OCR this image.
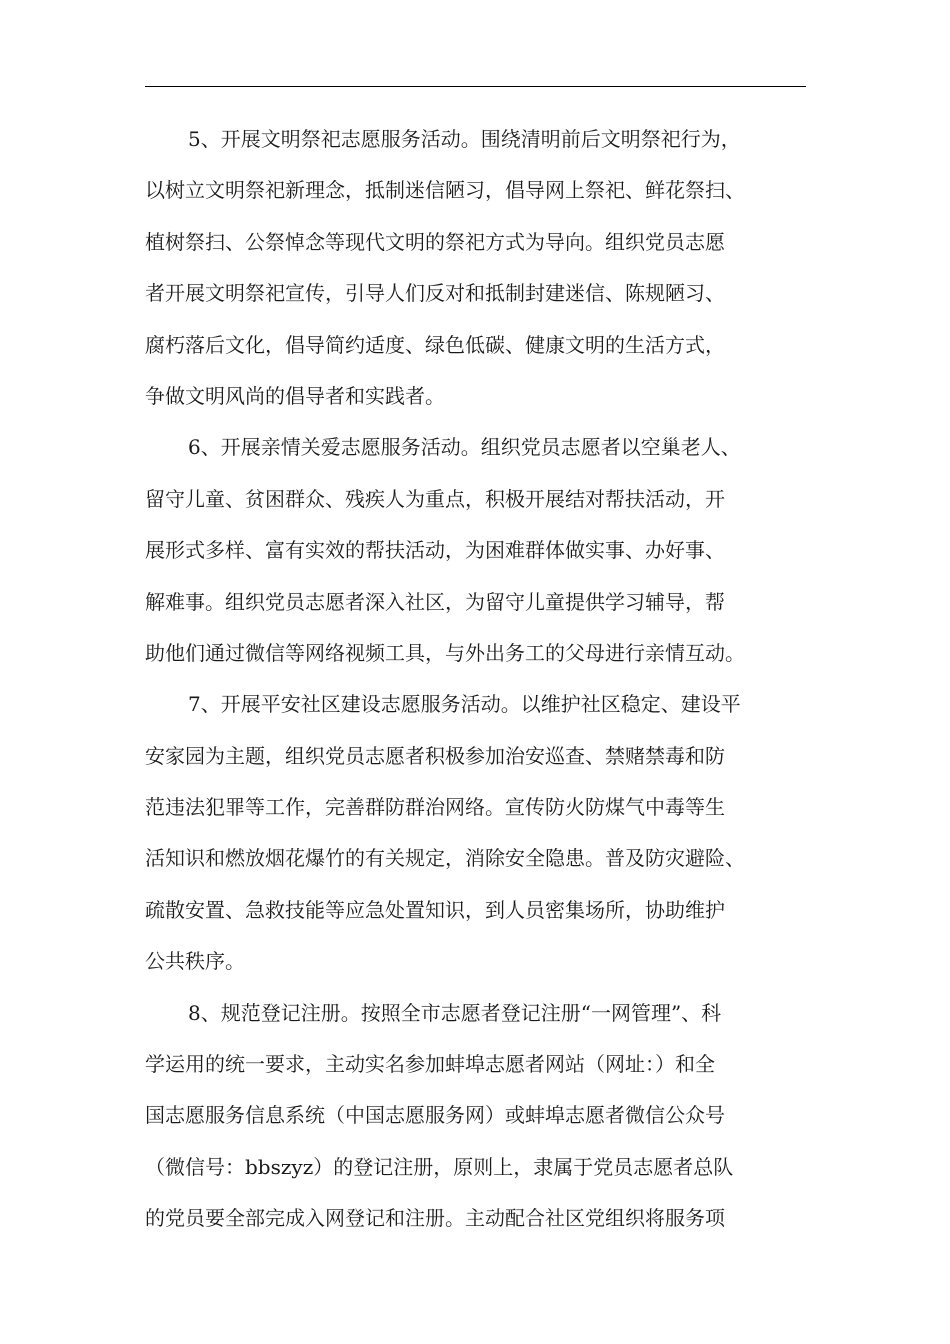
5、开展文明祭祀志愿服务活动。围绕清明前后文明祭祀行为，
以树立文明祭祀新理念，抵制迷信陋习，倡导网上祭祀、鲜花祭扫、
植树祭扫、公祭悼念等现代文明的祭祀方式为导向。组织党员志愿
者开展文明祭祀宣传，引导人们反对和抵制封建迷信、陈规陋习、
腐朽落后文化，倡导简约适度、绿色低碳、健康文明的生活方式，
争做文明风尚的倡导者和实践者。
6、开展亲情关爱志愿服务活动。组织党员志愿者以空巢老人、
留守儿童、贫困群众、残疾人为重点，积极开展结对帮扶活动，开
展形式多样、富有实效的帮扶活动，为困难群体做实事、办好事、
解难事。组织党员志愿者深入社区，为留守儿童提供学习辅导，帮
助他们通过微信等网络视频工具，与外出务工的父母进行亲情互动。
7、开展平安社区建设志愿服务活动。以维护社区稳定、建设平
安家园为主题，组织党员志愿者积极参加治安巡查、禁赌禁毒和防
范违法犯罪等工作，完善群防群治网络。宣传防火防煤气中毒等生
活知识和燃放烟花爆竹的有关规定，消除安全隐患。普及防灾避险、
疏散安置、急救技能等应急处置知识，到人员密集场所，协助维护
公共秩序。
8、规范登记注册。按照全市志愿者登记注册“一网管理”、科
学运用的统一要求，主动实名参加蚌埠志愿者网站（网址：）和全
国志愿服务信息系统（中国志愿服务网）或蚌埠志愿者微信公众号
（微信号：bbszyz）的登记注册，原则上，隶属于党员志愿者总队
的党员要全部完成入网登记和注册。主动配合社区党组织将服务项
